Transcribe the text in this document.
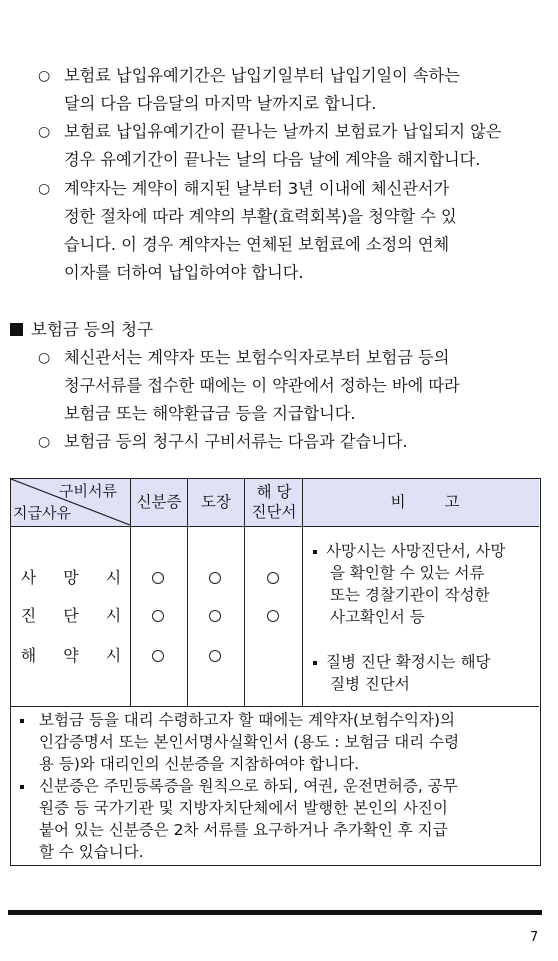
○ 보험료 납입유예기간은 납입기일부터 납입기일이 속하는
달의 다음 다음달의 마지막 날까지로 합니다.
○ 보험료 납입유예기간이 끝나는 날까지 보험료가 납입되지 않은
경우 유예기간이 끝나는 날의 다음 날에 계약을 해지합니다.
○ 계약자는 계약이 해지된 날부터 3년 이내에 체신관서가
정한 절차에 따라 계약의 부활(효력회복)을 청약할 수 있
습니다. 이 경우 계약자는 연체된 보험료에 소정의 연체
이자를 더하여 납입하여야 합니다.
보험금 등의 청구
○ 체신관서는 계약자 또는 보험수익자로부터 보험금 등의
청구서류를 접수한 때에는 이 약관에서 정하는 바에 따라
보험금 또는 해약환급금 등을 지급합니다.
○ 보험금 등의 청구시 구비서류는 다음과 같습니다.
구비서류
지급사유
신분증	도장
해 당
진단서
비 고
사 망 시
진 단 시
해 약 시
사망시는 사망진단서, 사망
을 확인할 수 있는 서류
또는 경찰기관이 작성한
사고확인서 등
질병 진단 확정시는 해당
질병 진단서
보험금 등을 대리 수령하고자 할 때에는 계약자(보험수익자)의
인감증명서 또는 본인서명사실확인서 (용도 : 보험금 대리 수령
용 등)와 대리인의 신분증을 지참하여야 합니다.
신분증은 주민등록증을 원칙으로 하되, 여권, 운전면허증, 공무
원증 등 국가기관 및 지방자치단체에서 발행한 본인의 사진이
붙어 있는 신분증은 2차 서류를 요구하거나 추가확인 후 지급
할 수 있습니다.
7
